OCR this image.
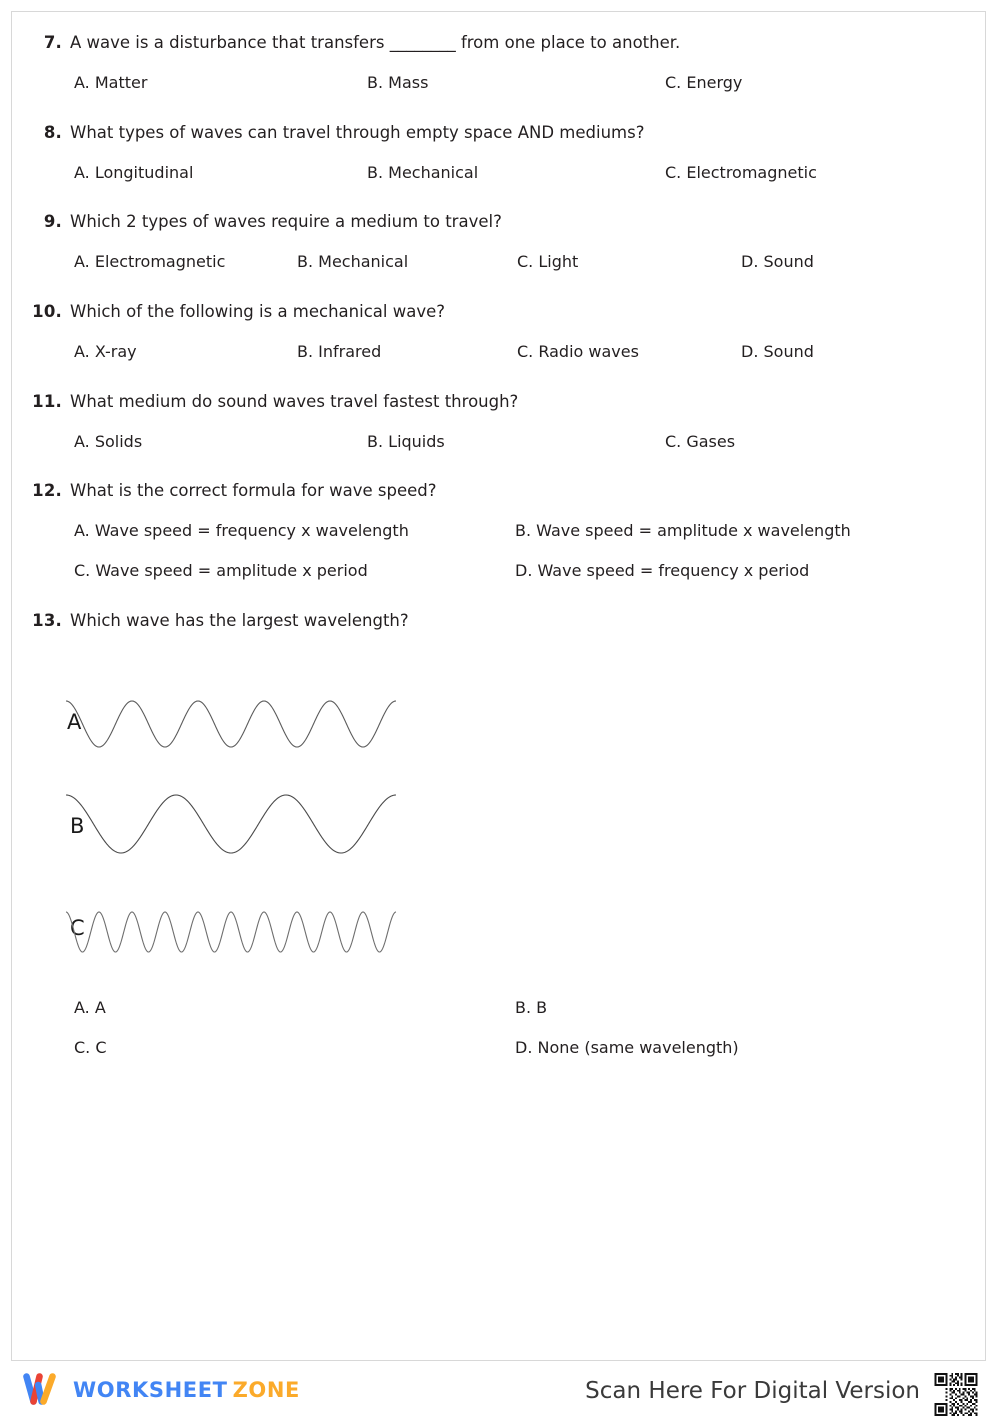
7. A wave is a disturbance that transfers ________ from one place to another.
A. Matter	B. Mass	C. Energy
8. What types of waves can travel through empty space AND mediums?
A. Longitudinal	B. Mechanical	C. Electromagnetic
9. Which 2 types of waves require a medium to travel?
A. Electromagnetic	B. Mechanical	C. Light	D. Sound
10. Which of the following is a mechanical wave?
A. X-ray	B. Infrared	C. Radio waves	D. Sound
11. What medium do sound waves travel fastest through?
A. Solids	B. Liquids	C. Gases
12. What is the correct formula for wave speed?
A. Wave speed = frequency x wavelength	B. Wave speed = amplitude x wavelength
C. Wave speed = amplitude x period	D. Wave speed = frequency x period
13. Which wave has the largest wavelength?
A
B
C
A. A	B. B
C. C	D. None (same wavelength)
WORKSHEET ZONE	Scan Here For Digital Version
